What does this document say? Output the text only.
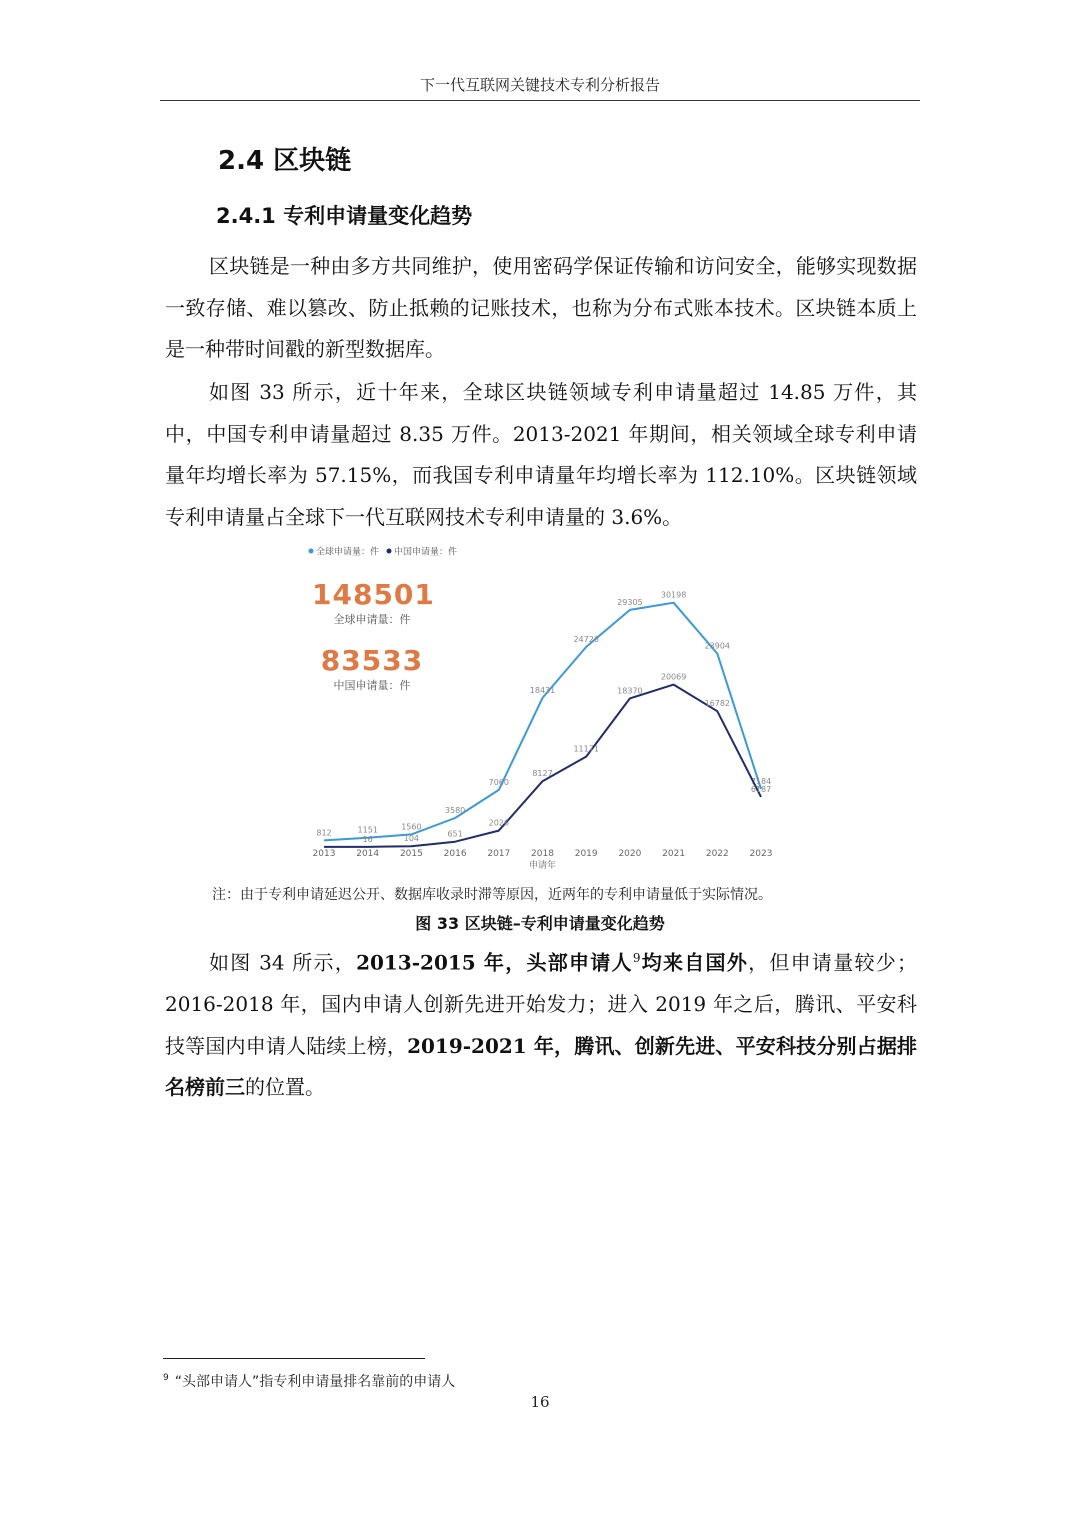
下一代互联网关键技术专利分析报告
2.4 区块链
2.4.1 专利申请量变化趋势

区块链是一种由多方共同维护，使用密码学保证传输和访问安全，能够实现数据一致存储、难以篡改、防止抵赖的记账技术，也称为分布式账本技术。区块链本质上是一种带时间戳的新型数据库。

如图 33 所示，近十年来，全球区块链领域专利申请量超过 14.85 万件，其中，中国专利申请量超过 8.35 万件。2013-2021 年期间，相关领域全球专利申请量年均增长率为 57.15%，而我国专利申请量年均增长率为 112.10%。区块链领域专利申请量占全球下一代互联网技术专利申请量的 3.6%。

全球申请量：件 中国申请量：件
812	1151	1560
3580
7060
18431
24726
29305
30198
23904
7184
16	104	651
2026
8127
11171
18370
20069
16782
6187
2013 2014 2015 2016 2017 2018 2019 2020 2021 2022 2023
申请年
148501
全球申请量：件
83533
中国申请量：件
注：由于专利申请延迟公开、数据库收录时滞等原因，近两年的专利申请量低于实际情况。
图 33 区块链–专利申请量变化趋势

如图 34 所示，2013-2015 年，头部申请人$^9$均来自国外，但申请量较少；2016-2018 年，国内申请人创新先进开始发力；进入 2019 年之后，腾讯、平安科技等国内申请人陆续上榜，2019-2021 年，腾讯、创新先进、平安科技分别占据排名榜前三的位置。

$^9$ “头部申请人”指专利申请量排名靠前的申请人
16
